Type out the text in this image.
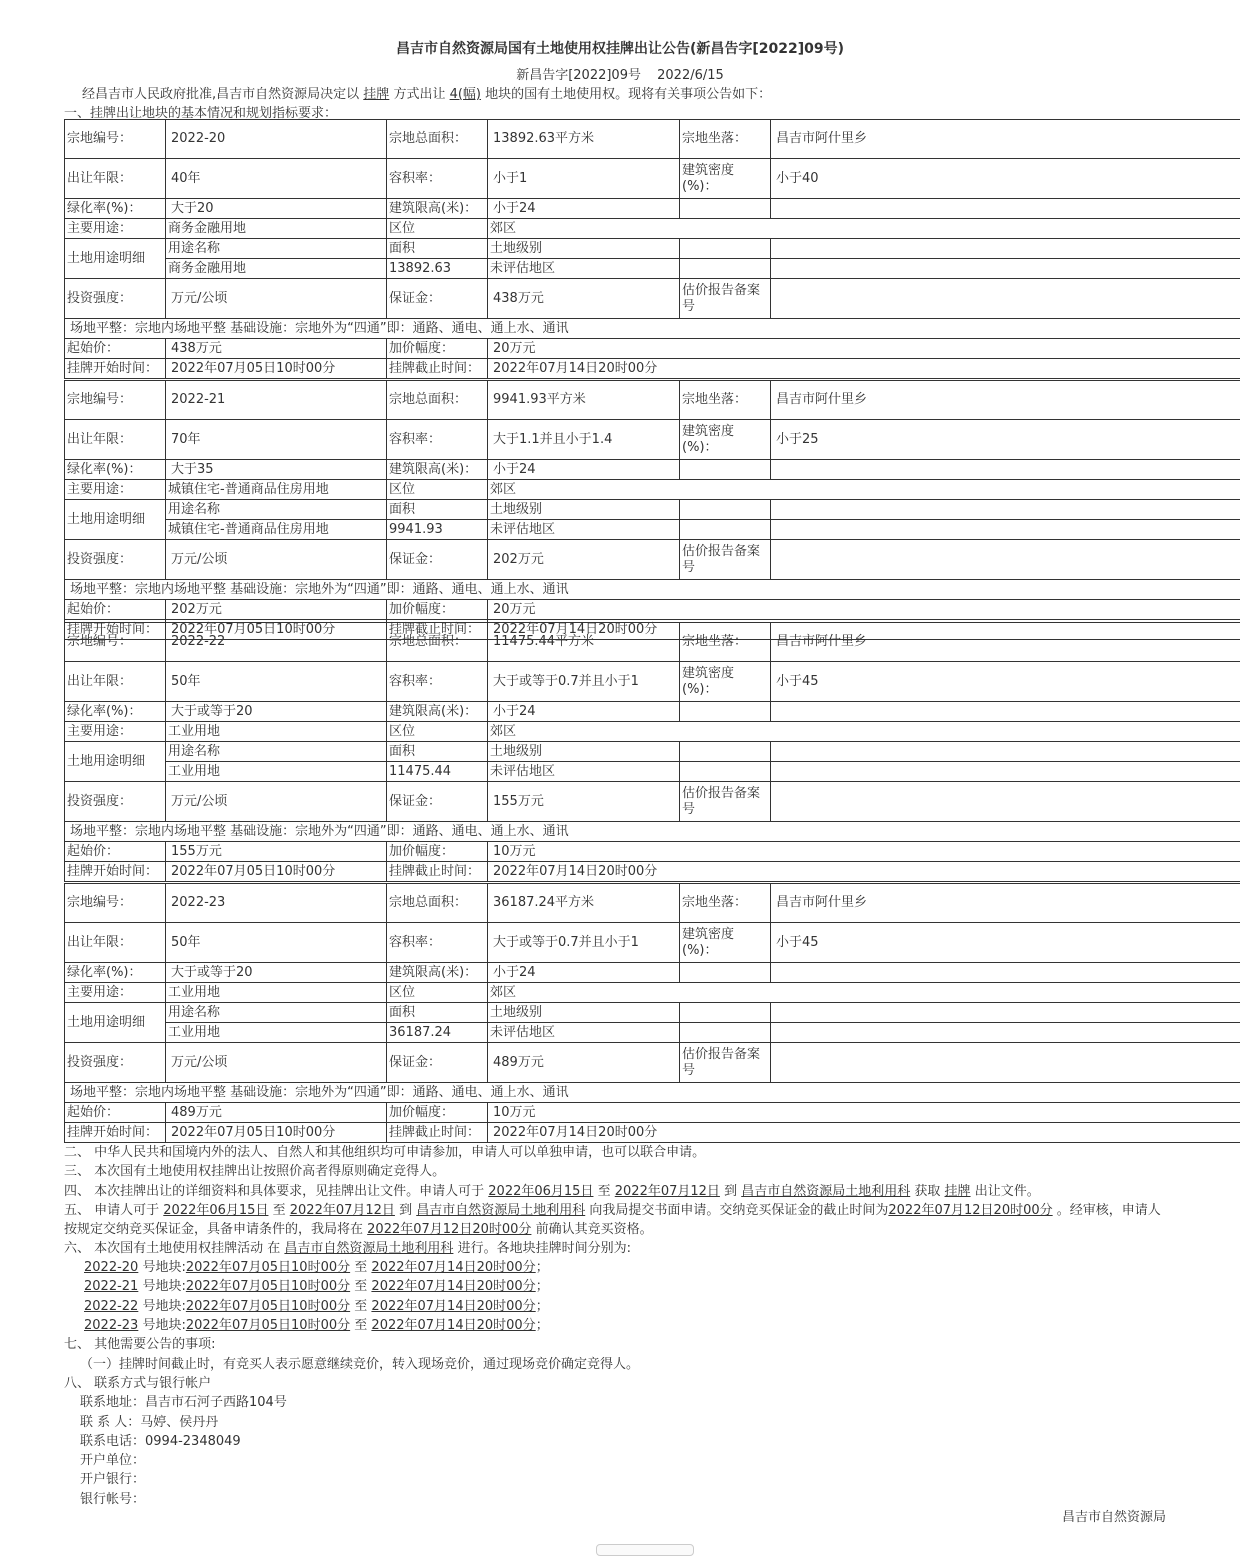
昌吉市自然资源局国有土地使用权挂牌出让公告(新昌告字[2022]09号)
新昌告字[2022]09号 2022/6/15
经昌吉市人民政府批准,昌吉市自然资源局决定以 挂牌 方式出让 4(幅) 地块的国有土地使用权。现将有关事项公告如下：
一、挂牌出让地块的基本情况和规划指标要求：
宗地编号：	2022-20	宗地总面积：	13892.63平方米	宗地坐落：	昌吉市阿什里乡
出让年限：	40年	容积率：	小于1	建筑密度(%)：	小于40
绿化率(%)：	大于20	建筑限高(米)：	小于24		
主要用途：	商务金融用地	区位	郊区		
土地用途明细	用途名称	面积	土地级别		
	商务金融用地	13892.63	未评估地区		
投资强度：	万元/公顷	保证金：	438万元	估价报告备案号	
场地平整：宗地内场地平整 基础设施：宗地外为“四通”即：通路、通电、通上水、通讯					
起始价：	438万元	加价幅度：	20万元		
挂牌开始时间：	2022年07月05日10时00分	挂牌截止时间：	2022年07月14日20时00分		
宗地编号：	2022-21	宗地总面积：	9941.93平方米	宗地坐落：	昌吉市阿什里乡
出让年限：	70年	容积率：	大于1.1并且小于1.4	建筑密度(%)：	小于25
绿化率(%)：	大于35	建筑限高(米)：	小于24		
主要用途：	城镇住宅-普通商品住房用地	区位	郊区		
土地用途明细	用途名称	面积	土地级别		
	城镇住宅-普通商品住房用地	9941.93	未评估地区		
投资强度：	万元/公顷	保证金：	202万元	估价报告备案号	
场地平整：宗地内场地平整 基础设施：宗地外为“四通”即：通路、通电、通上水、通讯					
起始价：	202万元	加价幅度：	20万元		
挂牌开始时间：	2022年07月05日10时00分	挂牌截止时间：	2022年07月14日20时00分		
宗地编号：	2022-22	宗地总面积：	11475.44平方米	宗地坐落：	昌吉市阿什里乡
出让年限：	50年	容积率：	大于或等于0.7并且小于1	建筑密度(%)：	小于45
绿化率(%)：	大于或等于20	建筑限高(米)：	小于24		
主要用途：	工业用地	区位	郊区		
土地用途明细	用途名称	面积	土地级别		
	工业用地	11475.44	未评估地区		
投资强度：	万元/公顷	保证金：	155万元	估价报告备案号	
场地平整：宗地内场地平整 基础设施：宗地外为“四通”即：通路、通电、通上水、通讯					
起始价：	155万元	加价幅度：	10万元		
挂牌开始时间：	2022年07月05日10时00分	挂牌截止时间：	2022年07月14日20时00分		
宗地编号：	2022-23	宗地总面积：	36187.24平方米	宗地坐落：	昌吉市阿什里乡
出让年限：	50年	容积率：	大于或等于0.7并且小于1	建筑密度(%)：	小于45
绿化率(%)：	大于或等于20	建筑限高(米)：	小于24		
主要用途：	工业用地	区位	郊区		
土地用途明细	用途名称	面积	土地级别		
	工业用地	36187.24	未评估地区		
投资强度：	万元/公顷	保证金：	489万元	估价报告备案号	
场地平整：宗地内场地平整 基础设施：宗地外为“四通”即：通路、通电、通上水、通讯					
起始价：	489万元	加价幅度：	10万元		
挂牌开始时间：	2022年07月05日10时00分	挂牌截止时间：	2022年07月14日20时00分		
二、 中华人民共和国境内外的法人、自然人和其他组织均可申请参加，申请人可以单独申请，也可以联合申请。
三、 本次国有土地使用权挂牌出让按照价高者得原则确定竞得人。
四、 本次挂牌出让的详细资料和具体要求，见挂牌出让文件。申请人可于 2022年06月15日 至 2022年07月12日 到 昌吉市自然资源局土地利用科 获取 挂牌 出让文件。
五、 申请人可于 2022年06月15日 至 2022年07月12日 到 昌吉市自然资源局土地利用科 向我局提交书面申请。交纳竞买保证金的截止时间为2022年07月12日20时00分 。经审核，申请人按规定交纳竞买保证金，具备申请条件的，我局将在 2022年07月12日20时00分 前确认其竞买资格。
六、 本次国有土地使用权挂牌活动 在 昌吉市自然资源局土地利用科 进行。各地块挂牌时间分别为:
2022-20 号地块:2022年07月05日10时00分 至 2022年07月14日20时00分；
2022-21 号地块:2022年07月05日10时00分 至 2022年07月14日20时00分；
2022-22 号地块:2022年07月05日10时00分 至 2022年07月14日20时00分；
2022-23 号地块:2022年07月05日10时00分 至 2022年07月14日20时00分；
七、 其他需要公告的事项:
（一）挂牌时间截止时，有竞买人表示愿意继续竞价，转入现场竞价，通过现场竞价确定竞得人。
八、 联系方式与银行帐户
联系地址：昌吉市石河子西路104号
联 系 人：马婷、侯丹丹
联系电话：0994-2348049
开户单位：
开户银行：
银行帐号：
昌吉市自然资源局
